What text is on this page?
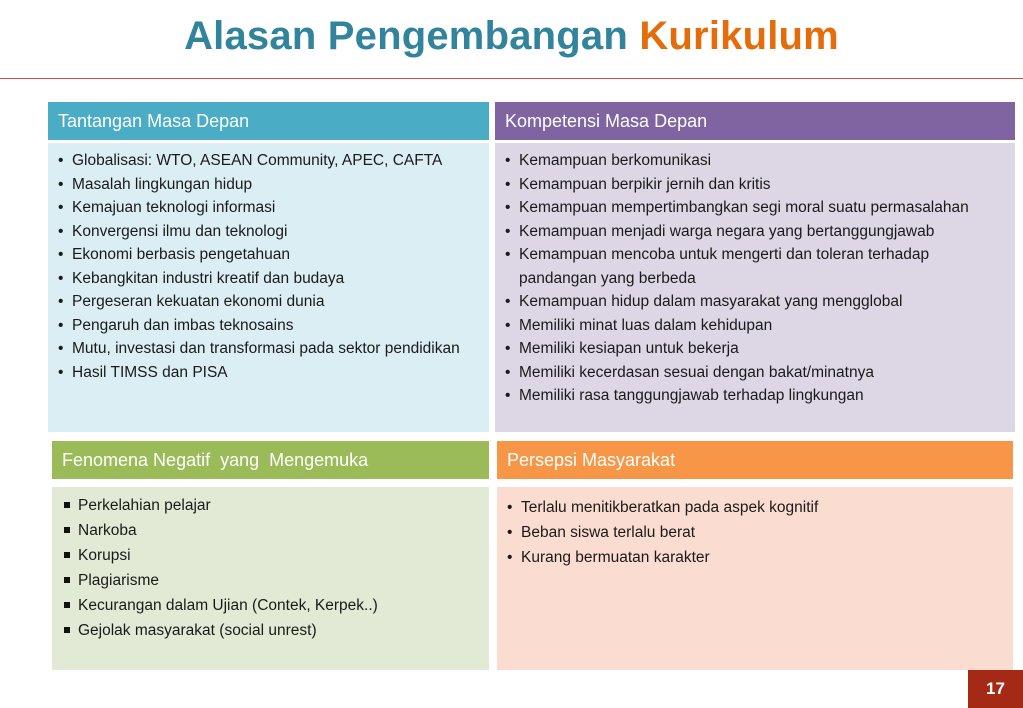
Alasan Pengembangan Kurikulum
Tantangan Masa Depan
• Globalisasi: WTO, ASEAN Community, APEC, CAFTA
• Masalah lingkungan hidup
• Kemajuan teknologi informasi
• Konvergensi ilmu dan teknologi
• Ekonomi berbasis pengetahuan
• Kebangkitan industri kreatif dan budaya
• Pergeseran kekuatan ekonomi dunia
• Pengaruh dan imbas teknosains
• Mutu, investasi dan transformasi pada sektor pendidikan
• Hasil TIMSS dan PISA
Kompetensi Masa Depan
• Kemampuan berkomunikasi
• Kemampuan berpikir jernih dan kritis
• Kemampuan mempertimbangkan segi moral suatu permasalahan
• Kemampuan menjadi warga negara yang bertanggungjawab
• Kemampuan mencoba untuk mengerti dan toleran terhadap pandangan yang berbeda
• Kemampuan hidup dalam masyarakat yang mengglobal
• Memiliki minat luas dalam kehidupan
• Memiliki kesiapan untuk bekerja
• Memiliki kecerdasan sesuai dengan bakat/minatnya
• Memiliki rasa tanggungjawab terhadap lingkungan
Fenomena Negatif  yang  Mengemuka
Perkelahian pelajar
Narkoba
Korupsi
Plagiarisme
Kecurangan dalam Ujian (Contek, Kerpek..)
Gejolak masyarakat (social unrest)
Persepsi Masyarakat
• Terlalu menitikberatkan pada aspek kognitif
• Beban siswa terlalu berat
• Kurang bermuatan karakter
17
